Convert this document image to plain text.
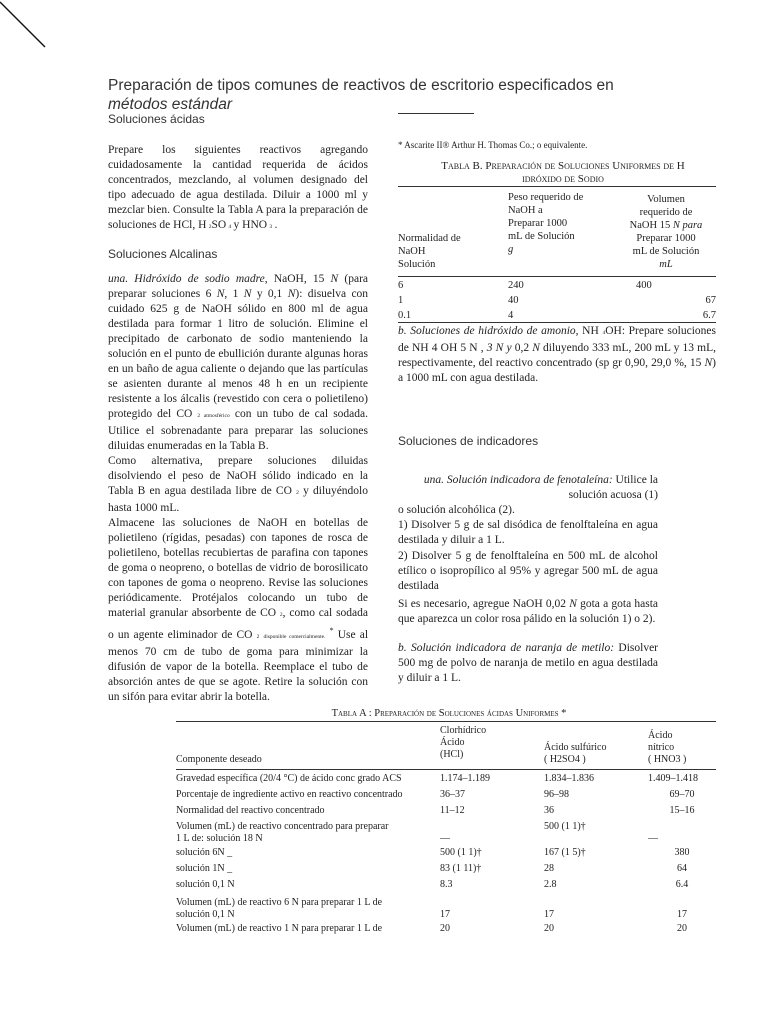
Preparación de tipos comunes de reactivos de escritorio especificados en
métodos estándar
Soluciones ácidas
Prepare los siguientes reactivos agregando cuidadosamente la cantidad requerida de ácidos concentrados, mezclando, al volumen designado del tipo adecuado de agua destilada. Diluir a 1000 ml y mezclar bien. Consulte la Tabla A para la preparación de soluciones de HCl, H  2SO  4  y HNO  3  .
Soluciones Alcalinas

una. Hidróxido de sodio madre, NaOH, 15 N (para preparar soluciones 6 N, 1 N y 0,1 N): disuelva con cuidado 625 g de NaOH sólido en 800 ml de agua destilada para formar 1 litro de solución. Elimine el precipitado de carbonato de sodio manteniendo la solución en el punto de ebullición durante algunas horas en un baño de agua caliente o dejando que las partículas se asienten durante al menos 48 h en un recipiente resistente a los álcalis (revestido con cera o polietileno) protegido del CO 2 atmosférico con un tubo de cal sodada. Utilice el sobrenadante para preparar las soluciones diluidas enumeradas en la Tabla B.

Como alternativa, prepare soluciones diluidas disolviendo el peso de NaOH sólido indicado en la Tabla B en agua destilada libre de CO 2 y diluyéndolo hasta 1000 mL.

Almacene las soluciones de NaOH en botellas de polietileno (rígidas, pesadas) con tapones de rosca de polietileno, botellas recubiertas de parafina con tapones de goma o neopreno, o botellas de vidrio de borosilicato con tapones de goma o neopreno. Revise las soluciones periódicamente. Protéjalos colocando un tubo de material granular absorbente de CO 2, como cal sodada o un agente eliminador de CO 2 disponible comercialmente. * Use al menos 70 cm de tubo de goma para minimizar la difusión de vapor de la botella. Reemplace el tubo de absorción antes de que se agote. Retire la solución con un sifón para evitar abrir la botella.

* Ascarite II® Arthur H. Thomas Co.; o equivalente.
Tabla B. Preparación de Soluciones Uniformes de H
idróxido de Sodio
Normalidad de
NaOH
Solución	Peso requerido de
NaOH a
Preparar 1000
mL de Solución
g	Volumen
requerido de
NaOH 15 N para
Preparar 1000
mL de Solución
mL
6	240	400
1	40	67
0.1	4	6.7
b. Soluciones de hidróxido de amonio, NH 4OH: Prepare soluciones de NH 4 OH 5 N , 3 N y 0,2 N diluyendo 333 mL, 200 mL y 13 mL, respectivamente, del reactivo concentrado (sp gr 0,90, 29,0 %, 15 N) a 1000 mL con agua destilada.
Soluciones de indicadores
una. Solución indicadora de fenotaleína: Utilice la solución acuosa (1)
o solución alcohólica (2).
1) Disolver 5 g de sal disódica de fenolftaleína en agua destilada y diluir a 1 L.
2) Disolver 5 g de fenolftaleína en 500 mL de alcohol etílico o isopropílico al 95% y agregar 500 mL de agua destilada
Si es necesario, agregue NaOH 0,02 N gota a gota hasta que aparezca un color rosa pálido en la solución 1) o 2).
b. Solución indicadora de naranja de metilo: Disolver 500 mg de polvo de naranja de metilo en agua destilada y diluir a 1 L.
Tabla A : Preparación de Soluciones ácidas Uniformes *
Componente deseado	Clorhídrico
Ácido
(HCl)	Ácido sulfúrico
( H2SO4 )	Ácido
nítrico
( HNO3 )
Gravedad específica (20/4 °C) de ácido conc grado ACS	1.174–1.189	1.834–1.836	1.409–1.418
Porcentaje de ingrediente activo en reactivo concentrado	36–37	96–98	69–70
Normalidad del reactivo concentrado	11–12	36	15–16
Volumen (mL) de reactivo concentrado para preparar
1 L de: solución 18 N	—	500 (1 1)†	—
solución 6N _	500 (1 1)†	167 (1 5)†	380
solución 1N _	83 (1 11)†	28	64
solución 0,1 N	8.3	2.8	6.4
Volumen (mL) de reactivo 6 N para preparar 1 L de
solución 0,1 N	17	17	17
Volumen (mL) de reactivo 1 N para preparar 1 L de	20	20	20
